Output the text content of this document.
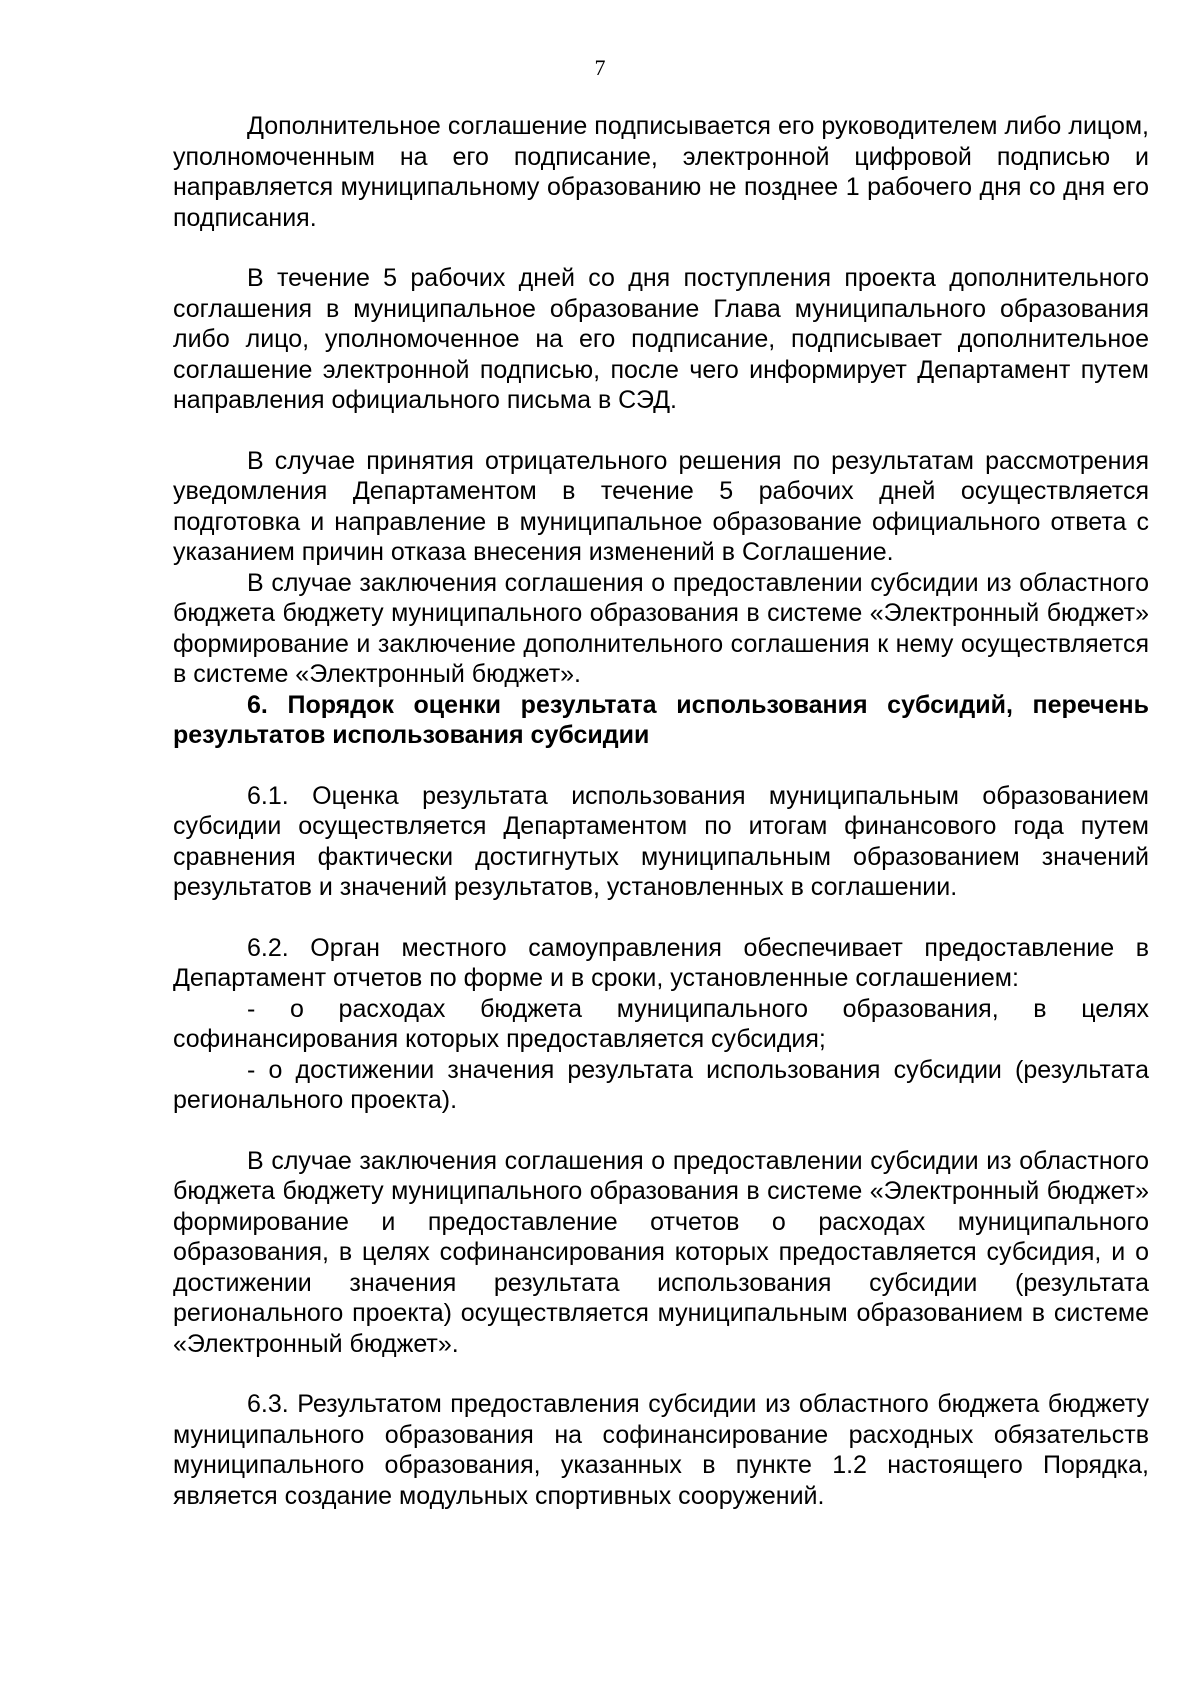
7

Дополнительное соглашение подписывается его руководителем либо лицом, уполномоченным на его подписание, электронной цифровой подписью и направляется муниципальному образованию не позднее 1 рабочего дня со дня его подписания.

В течение 5 рабочих дней со дня поступления проекта дополнительного соглашения в муниципальное образование Глава муниципального образования либо лицо, уполномоченное на его подписание, подписывает дополнительное соглашение электронной подписью, после чего информирует Департамент путем направления официального письма в СЭД.

В случае принятия отрицательного решения по результатам рассмотрения уведомления Департаментом в течение 5 рабочих дней осуществляется подготовка и направление в муниципальное образование официального ответа с указанием причин отказа внесения изменений в Соглашение.

В случае заключения соглашения о предоставлении субсидии из областного бюджета бюджету муниципального образования в системе «Электронный бюджет» формирование и заключение дополнительного соглашения к нему осуществляется в системе «Электронный бюджет».

6. Порядок оценки результата использования субсидий, перечень результатов использования субсидии

6.1. Оценка результата использования муниципальным образованием субсидии осуществляется Департаментом по итогам финансового года путем сравнения фактически достигнутых муниципальным образованием значений результатов и значений результатов, установленных в соглашении.

6.2. Орган местного самоуправления обеспечивает предоставление в Департамент отчетов по форме и в сроки, установленные соглашением:

- о расходах бюджета муниципального образования, в целях софинансирования которых предоставляется субсидия;

- о достижении значения результата использования субсидии (результата регионального проекта).

В случае заключения соглашения о предоставлении субсидии из областного бюджета бюджету муниципального образования в системе «Электронный бюджет» формирование и предоставление отчетов о расходах муниципального образования, в целях софинансирования которых предоставляется субсидия, и о достижении значения результата использования субсидии (результата регионального проекта) осуществляется муниципальным образованием в системе «Электронный бюджет».

6.3. Результатом предоставления субсидии из областного бюджета бюджету муниципального образования на софинансирование расходных обязательств муниципального образования, указанных в пункте 1.2 настоящего Порядка, является создание модульных спортивных сооружений.
